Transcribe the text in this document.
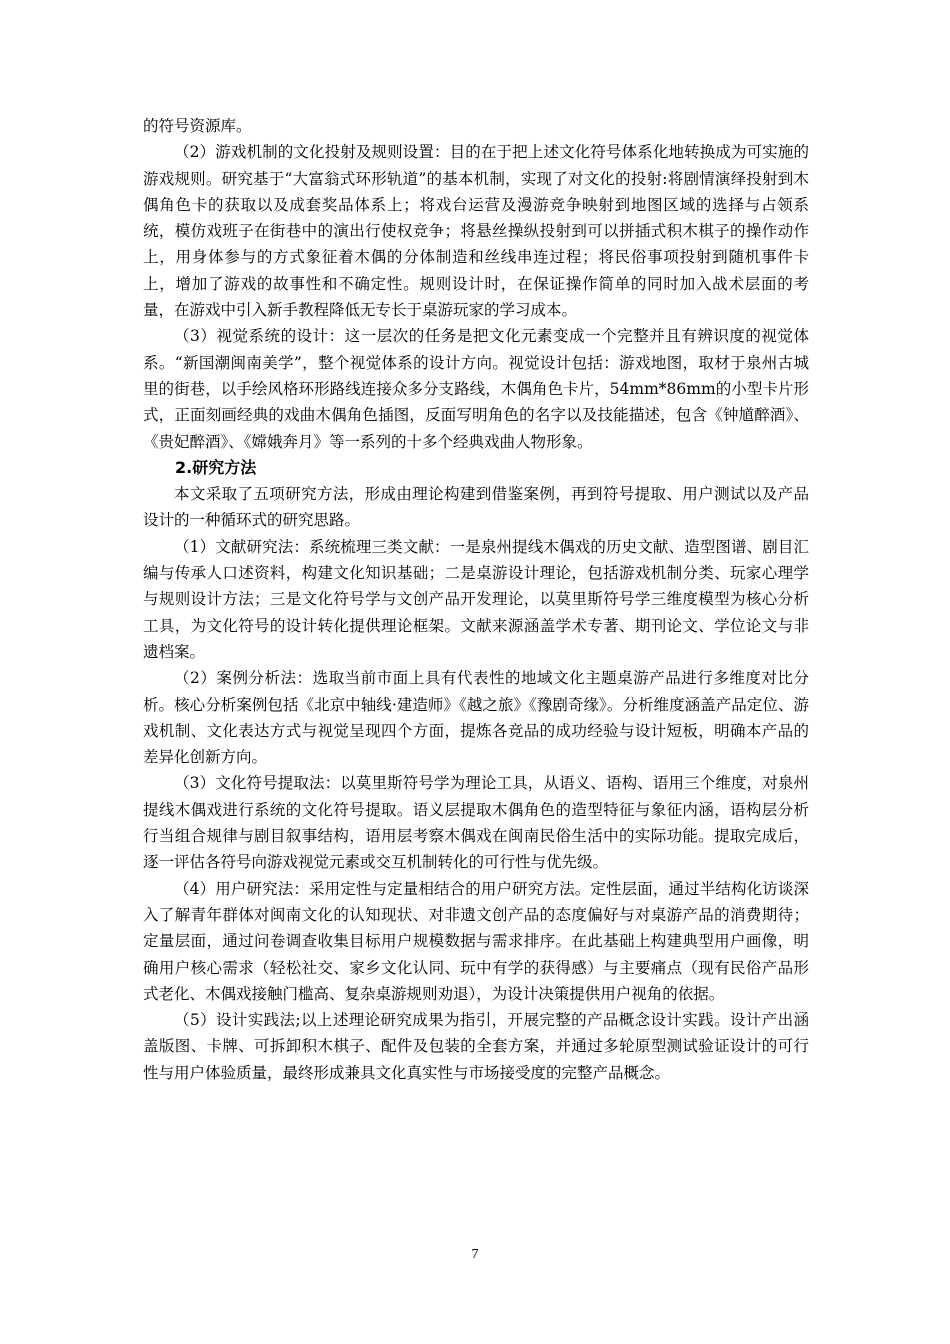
的符号资源库。

（2）游戏机制的文化投射及规则设置：目的在于把上述文化符号体系化地转换成为可实施的游戏规则。研究基于“大富翁式环形轨道”的基本机制，实现了对文化的投射:将剧情演绎投射到木偶角色卡的获取以及成套奖品体系上；将戏台运营及漫游竞争映射到地图区域的选择与占领系统，模仿戏班子在街巷中的演出行使权竞争；将悬丝操纵投射到可以拼插式积木棋子的操作动作上，用身体参与的方式象征着木偶的分体制造和丝线串连过程；将民俗事项投射到随机事件卡上，增加了游戏的故事性和不确定性。规则设计时，在保证操作简单的同时加入战术层面的考量，在游戏中引入新手教程降低无专长于桌游玩家的学习成本。

（3）视觉系统的设计：这一层次的任务是把文化元素变成一个完整并且有辨识度的视觉体系。“新国潮闽南美学”，整个视觉体系的设计方向。视觉设计包括：游戏地图，取材于泉州古城里的街巷，以手绘风格环形路线连接众多分支路线，木偶角色卡片，54mm*86mm的小型卡片形式，正面刻画经典的戏曲木偶角色插图，反面写明角色的名字以及技能描述，包含《钟馗醉酒》、《贵妃醉酒》、《嫦娥奔月》等一系列的十多个经典戏曲人物形象。

2.研究方法

本文采取了五项研究方法，形成由理论构建到借鉴案例，再到符号提取、用户测试以及产品设计的一种循环式的研究思路。

（1）文献研究法：系统梳理三类文献：一是泉州提线木偶戏的历史文献、造型图谱、剧目汇编与传承人口述资料，构建文化知识基础；二是桌游设计理论，包括游戏机制分类、玩家心理学与规则设计方法；三是文化符号学与文创产品开发理论，以莫里斯符号学三维度模型为核心分析工具，为文化符号的设计转化提供理论框架。文献来源涵盖学术专著、期刊论文、学位论文与非遗档案。

（2）案例分析法：选取当前市面上具有代表性的地域文化主题桌游产品进行多维度对比分析。核心分析案例包括《北京中轴线·建造师》《越之旅》《豫剧奇缘》。分析维度涵盖产品定位、游戏机制、文化表达方式与视觉呈现四个方面，提炼各竞品的成功经验与设计短板，明确本产品的差异化创新方向。

（3）文化符号提取法：以莫里斯符号学为理论工具，从语义、语构、语用三个维度，对泉州提线木偶戏进行系统的文化符号提取。语义层提取木偶角色的造型特征与象征内涵，语构层分析行当组合规律与剧目叙事结构，语用层考察木偶戏在闽南民俗生活中的实际功能。提取完成后，逐一评估各符号向游戏视觉元素或交互机制转化的可行性与优先级。

（4）用户研究法：采用定性与定量相结合的用户研究方法。定性层面，通过半结构化访谈深入了解青年群体对闽南文化的认知现状、对非遗文创产品的态度偏好与对桌游产品的消费期待；定量层面，通过问卷调查收集目标用户规模数据与需求排序。在此基础上构建典型用户画像，明确用户核心需求（轻松社交、家乡文化认同、玩中有学的获得感）与主要痛点（现有民俗产品形式老化、木偶戏接触门槛高、复杂桌游规则劝退），为设计决策提供用户视角的依据。

（5）设计实践法;以上述理论研究成果为指引，开展完整的产品概念设计实践。设计产出涵盖版图、卡牌、可拆卸积木棋子、配件及包装的全套方案，并通过多轮原型测试验证设计的可行性与用户体验质量，最终形成兼具文化真实性与市场接受度的完整产品概念。

7
